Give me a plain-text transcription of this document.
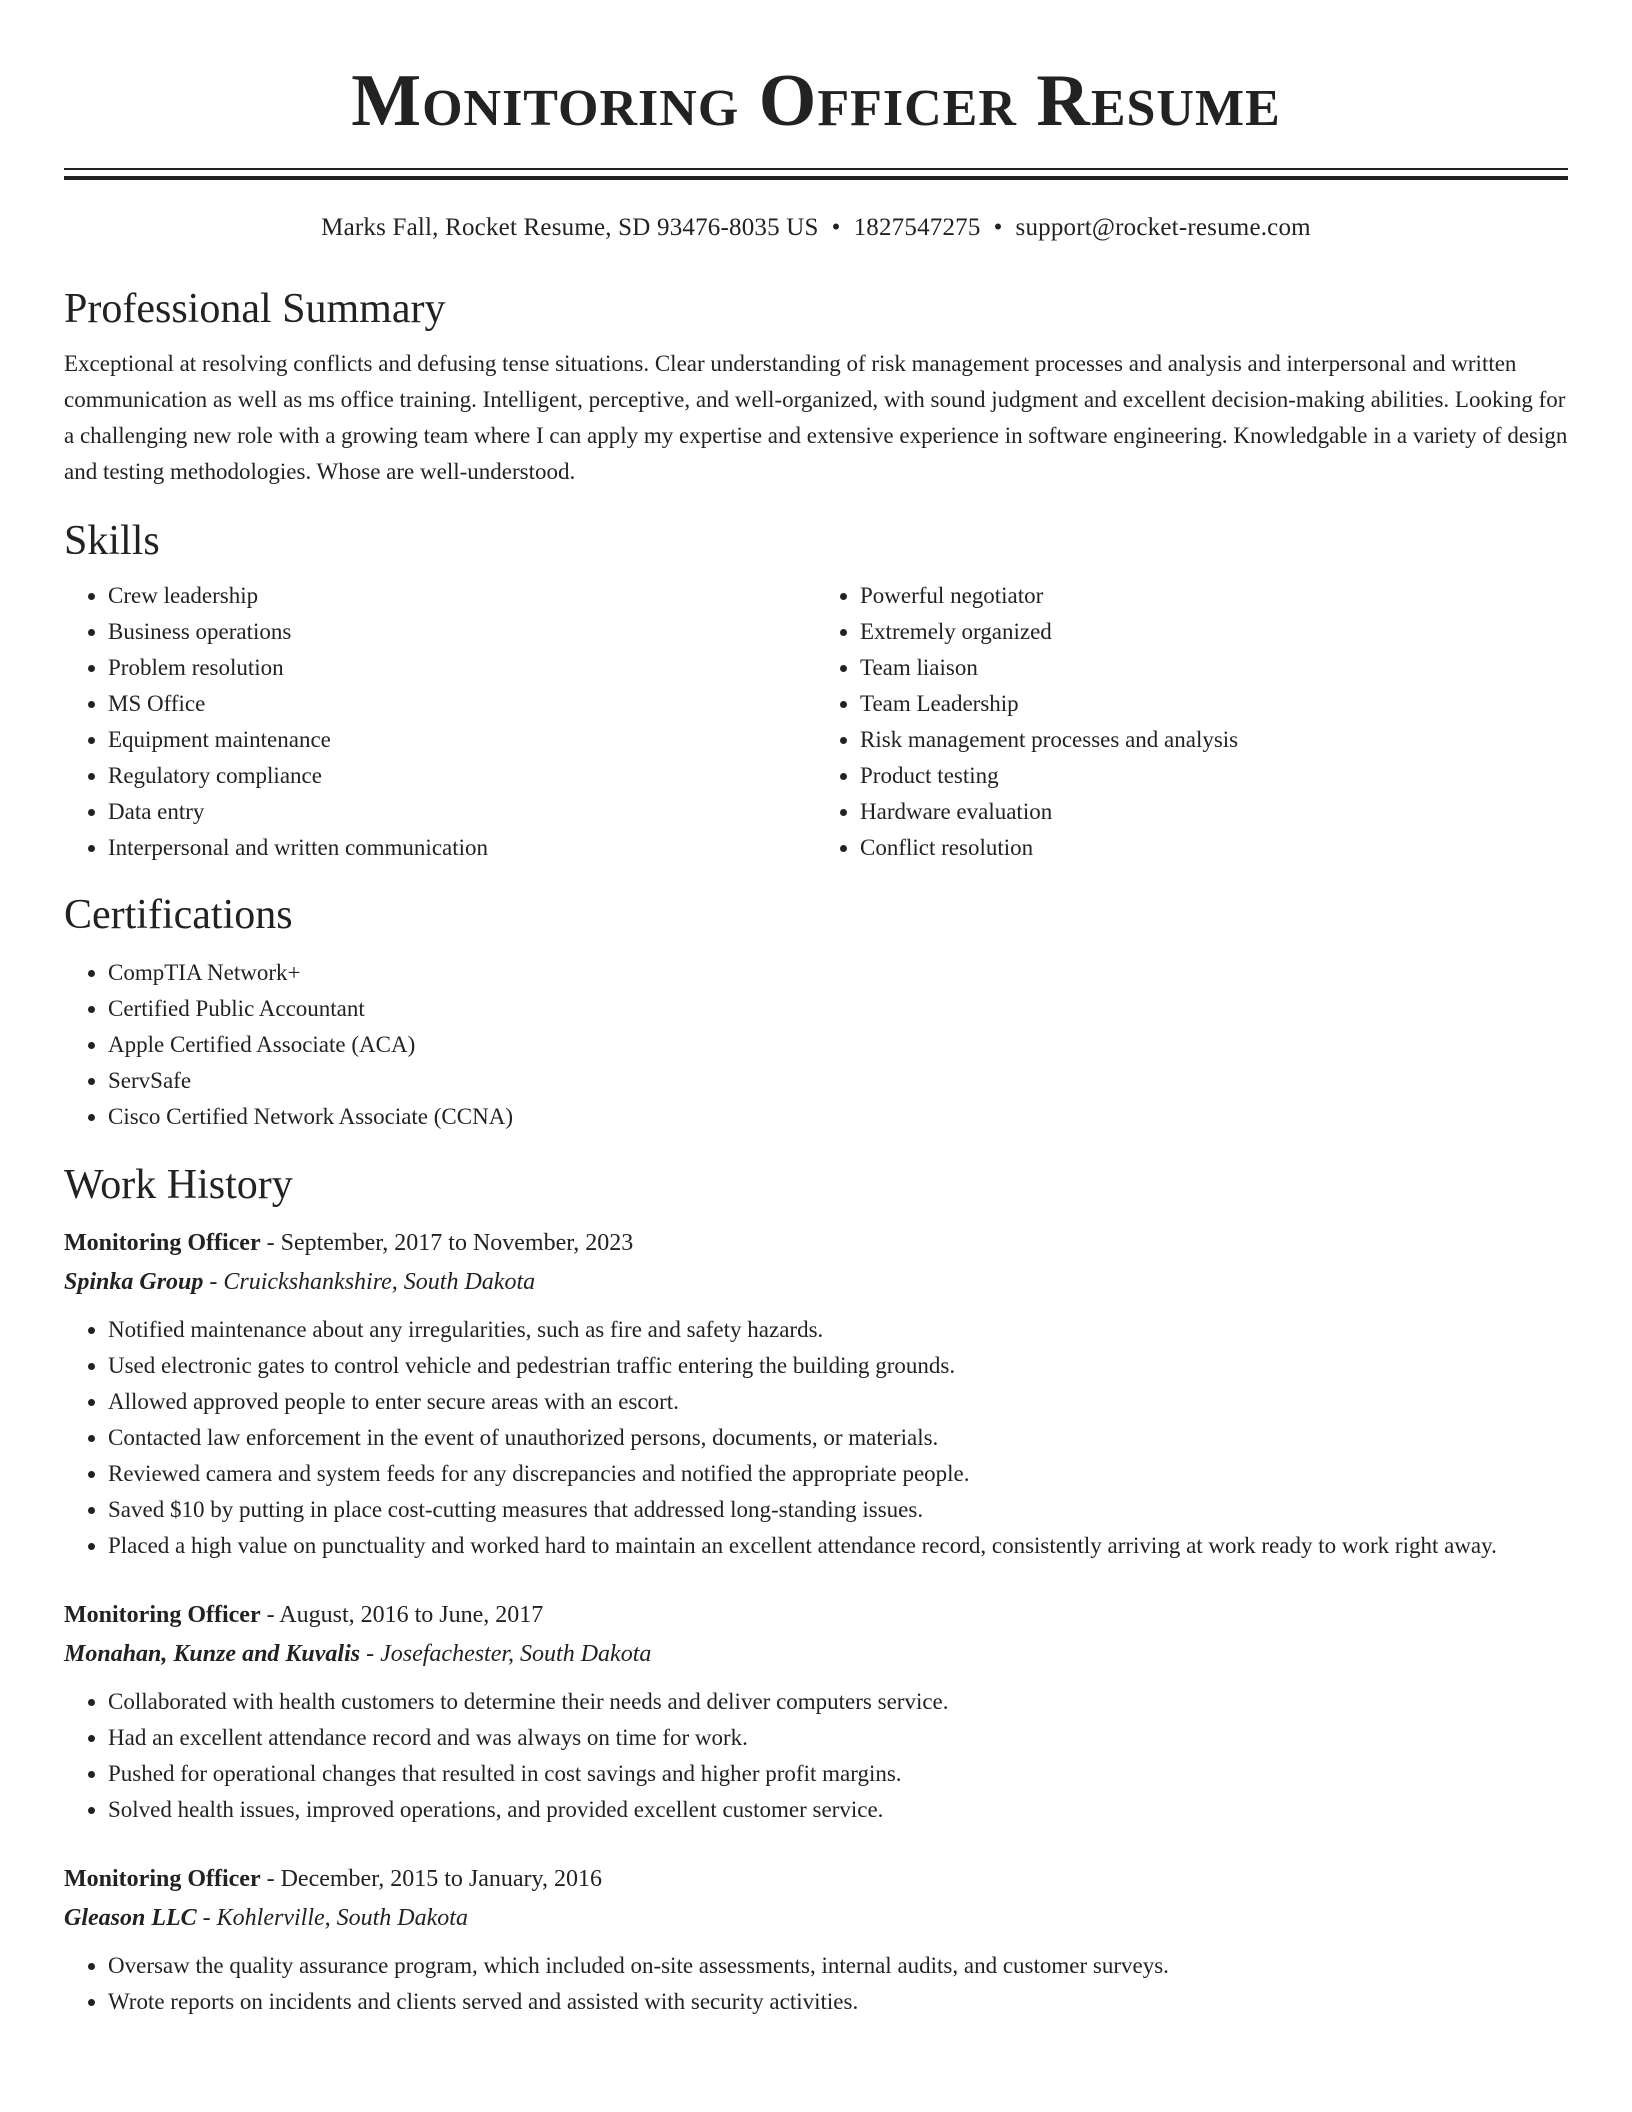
Monitoring Officer Resume
Marks Fall, Rocket Resume, SD 93476-8035 US • 1827547275 • support@rocket-resume.com
Professional Summary
Exceptional at resolving conflicts and defusing tense situations. Clear understanding of risk management processes and analysis and interpersonal and written communication as well as ms office training. Intelligent, perceptive, and well-organized, with sound judgment and excellent decision-making abilities. Looking for a challenging new role with a growing team where I can apply my expertise and extensive experience in software engineering. Knowledgable in a variety of design and testing methodologies. Whose are well-understood.
Skills
• Crew leadership
• Business operations
• Problem resolution
• MS Office
• Equipment maintenance
• Regulatory compliance
• Data entry
• Interpersonal and written communication
• Powerful negotiator
• Extremely organized
• Team liaison
• Team Leadership
• Risk management processes and analysis
• Product testing
• Hardware evaluation
• Conflict resolution
Certifications
• CompTIA Network+
• Certified Public Accountant
• Apple Certified Associate (ACA)
• ServSafe
• Cisco Certified Network Associate (CCNA)
Work History
Monitoring Officer - September, 2017 to November, 2023
Spinka Group - Cruickshankshire, South Dakota
• Notified maintenance about any irregularities, such as fire and safety hazards.
• Used electronic gates to control vehicle and pedestrian traffic entering the building grounds.
• Allowed approved people to enter secure areas with an escort.
• Contacted law enforcement in the event of unauthorized persons, documents, or materials.
• Reviewed camera and system feeds for any discrepancies and notified the appropriate people.
• Saved $10 by putting in place cost-cutting measures that addressed long-standing issues.
• Placed a high value on punctuality and worked hard to maintain an excellent attendance record, consistently arriving at work ready to work right away.
Monitoring Officer - August, 2016 to June, 2017
Monahan, Kunze and Kuvalis - Josefachester, South Dakota
• Collaborated with health customers to determine their needs and deliver computers service.
• Had an excellent attendance record and was always on time for work.
• Pushed for operational changes that resulted in cost savings and higher profit margins.
• Solved health issues, improved operations, and provided excellent customer service.
Monitoring Officer - December, 2015 to January, 2016
Gleason LLC - Kohlerville, South Dakota
• Oversaw the quality assurance program, which included on-site assessments, internal audits, and customer surveys.
• Wrote reports on incidents and clients served and assisted with security activities.
